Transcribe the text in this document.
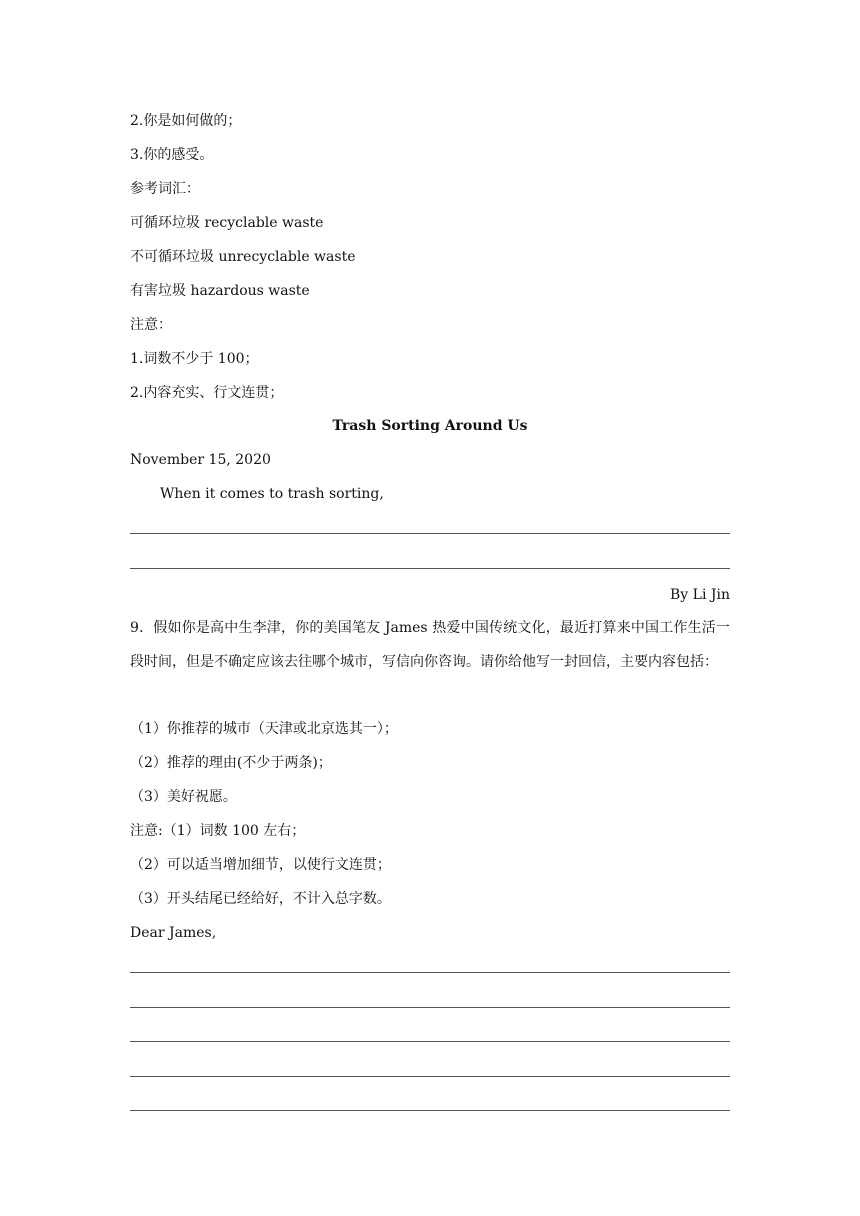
2.你是如何做的；
3.你的感受。
参考词汇：
可循环垃圾 recyclable waste
不可循环垃圾 unrecyclable waste
有害垃圾 hazardous waste
注意：
1.词数不少于 100；
2.内容充实、行文连贯；
Trash Sorting Around Us
November 15, 2020
When it comes to trash sorting,
By Li Jin
9．假如你是高中生李津，你的美国笔友 James 热爱中国传统文化，最近打算来中国工作生活一段时间，但是不确定应该去往哪个城市，写信向你咨询。请你给他写一封回信，主要内容包括：
（1）你推荐的城市（天津或北京选其一）；
（2）推荐的理由(不少于两条)；
（3）美好祝愿。
注意:（1）词数 100 左右；
（2）可以适当增加细节，以使行文连贯；
（3）开头结尾已经给好，不计入总字数。
Dear James,
